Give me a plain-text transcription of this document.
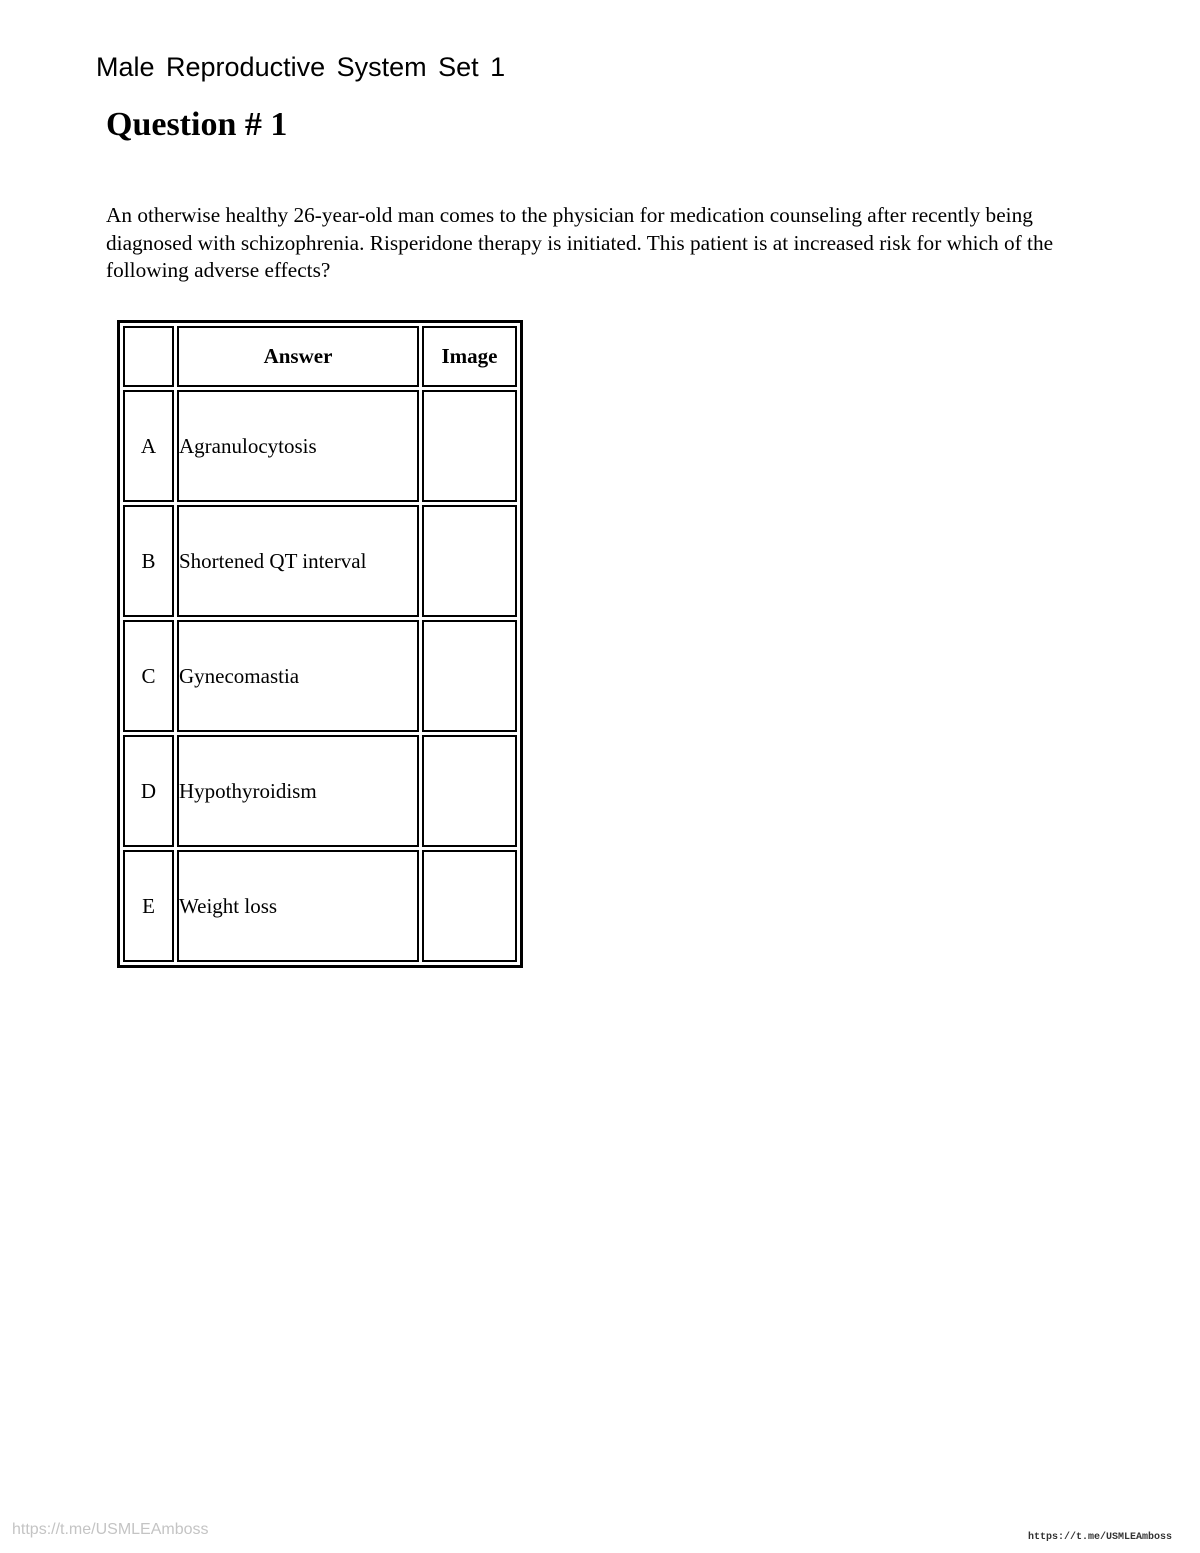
Male Reproductive System Set 1
Question # 1

An otherwise healthy 26-year-old man comes to the physician for medication counseling after recently being diagnosed with schizophrenia. Risperidone therapy is initiated. This patient is at increased risk for which of the following adverse effects?

	Answer	Image
A	Agranulocytosis	
B	Shortened QT interval	
C	Gynecomastia	
D	Hypothyroidism	
E	Weight loss	
https://t.me/USMLEAmboss	https://t.me/USMLEAmboss
